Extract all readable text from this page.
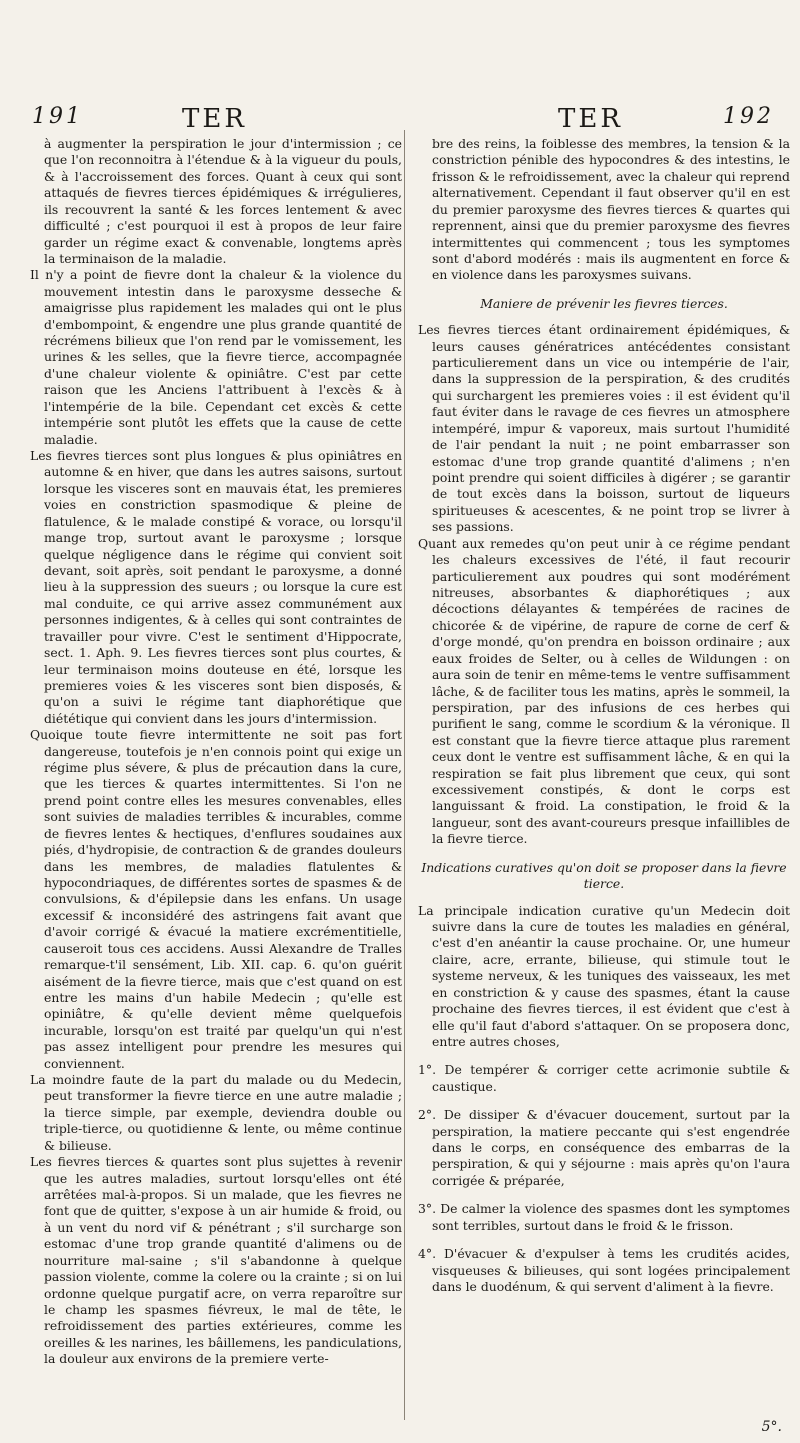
191	TER	TER	192

à augmenter la perspiration le jour d'intermission ; ce que l'on reconnoitra à l'étendue & à la vigueur du pouls, & à l'accroissement des forces. Quant à ceux qui sont attaqués de fievres tierces épidémiques & irrégulieres, ils recouvrent la santé & les forces lentement & avec difficulté ; c'est pourquoi il est à propos de leur faire garder un régime exact & convenable, longtems après la terminaison de la maladie.

Il n'y a point de fievre dont la chaleur & la violence du mouvement intestin dans le paroxysme desseche & amaigrisse plus rapidement les malades qui ont le plus d'embompoint, & engendre une plus grande quantité de récrémens bilieux que l'on rend par le vomissement, les urines & les selles, que la fievre tierce, accompagnée d'une chaleur violente & opiniâtre. C'est par cette raison que les Anciens l'attribuent à l'excès & à l'intempérie de la bile. Cependant cet excès & cette intempérie sont plutôt les effets que la cause de cette maladie.

Les fievres tierces sont plus longues & plus opiniâtres en automne & en hiver, que dans les autres saisons, surtout lorsque les visceres sont en mauvais état, les premieres voies en constriction spasmodique & pleine de flatulence, & le malade constipé & vorace, ou lorsqu'il mange trop, surtout avant le paroxysme ; lorsque quelque négligence dans le régime qui convient soit devant, soit après, soit pendant le paroxysme, a donné lieu à la suppression des sueurs ; ou lorsque la cure est mal conduite, ce qui arrive assez communément aux personnes indigentes, & à celles qui sont contraintes de travailler pour vivre. C'est le sentiment d'Hippocrate, sect. 1. Aph. 9. Les fievres tierces sont plus courtes, & leur terminaison moins douteuse en été, lorsque les premieres voies & les visceres sont bien disposés, & qu'on a suivi le régime tant diaphorétique que diététique qui convient dans les jours d'intermission.

Quoique toute fievre intermittente ne soit pas fort dangereuse, toutefois je n'en connois point qui exige un régime plus sévere, & plus de précaution dans la cure, que les tierces & quartes intermittentes. Si l'on ne prend point contre elles les mesures convenables, elles sont suivies de maladies terribles & incurables, comme de fievres lentes & hectiques, d'enflures soudaines aux piés, d'hydropisie, de contraction & de grandes douleurs dans les membres, de maladies flatulentes & hypocondriaques, de différentes sortes de spasmes & de convulsions, & d'épilepsie dans les enfans. Un usage excessif & inconsidéré des astringens fait avant que d'avoir corrigé & évacué la matiere excrémentitielle, causeroit tous ces accidens. Aussi Alexandre de Tralles remarque-t'il sensément, Lib. XII. cap. 6. qu'on guérit aisément de la fievre tierce, mais que c'est quand on est entre les mains d'un habile Medecin ; qu'elle est opiniâtre, & qu'elle devient même quelquefois incurable, lorsqu'on est traité par quelqu'un qui n'est pas assez intelligent pour prendre les mesures qui conviennent.

La moindre faute de la part du malade ou du Medecin, peut transformer la fievre tierce en une autre maladie ; la tierce simple, par exemple, deviendra double ou triple-tierce, ou quotidienne & lente, ou même continue & bilieuse.

Les fievres tierces & quartes sont plus sujettes à revenir que les autres maladies, surtout lorsqu'elles ont été arrêtées mal-à-propos. Si un malade, que les fievres ne font que de quitter, s'expose à un air humide & froid, ou à un vent du nord vif & pénétrant ; s'il surcharge son estomac d'une trop grande quantité d'alimens ou de nourriture mal-saine ; s'il s'abandonne à quelque passion violente, comme la colere ou la crainte ; si on lui ordonne quelque purgatif acre, on verra reparoître sur le champ les spasmes fiévreux, le mal de tête, le refroidissement des parties extérieures, comme les oreilles & les narines, les bâillemens, les pandiculations, la douleur aux environs de la premiere verte-

bre des reins, la foiblesse des membres, la tension & la constriction pénible des hypocondres & des intestins, le frisson & le refroidissement, avec la chaleur qui reprend alternativement. Cependant il faut observer qu'il en est du premier paroxysme des fievres tierces & quartes qui reprennent, ainsi que du premier paroxysme des fievres intermittentes qui commencent ; tous les symptomes sont d'abord modérés : mais ils augmentent en force & en violence dans les paroxysmes suivans.

Maniere de prévenir les fievres tierces.

Les fievres tierces étant ordinairement épidémiques, & leurs causes génératrices antécédentes consistant particulierement dans un vice ou intempérie de l'air, dans la suppression de la perspiration, & des crudités qui surchargent les premieres voies : il est évident qu'il faut éviter dans le ravage de ces fievres un atmosphere intempéré, impur & vaporeux, mais surtout l'humidité de l'air pendant la nuit ; ne point embarrasser son estomac d'une trop grande quantité d'alimens ; n'en point prendre qui soient difficiles à digérer ; se garantir de tout excès dans la boisson, surtout de liqueurs spiritueuses & acescentes, & ne point trop se livrer à ses passions.

Quant aux remedes qu'on peut unir à ce régime pendant les chaleurs excessives de l'été, il faut recourir particulierement aux poudres qui sont modérément nitreuses, absorbantes & diaphorétiques ; aux décoctions délayantes & tempérées de racines de chicorée & de vipérine, de rapure de corne de cerf & d'orge mondé, qu'on prendra en boisson ordinaire ; aux eaux froides de Selter, ou à celles de Wildungen : on aura soin de tenir en même-tems le ventre suffisamment lâche, & de faciliter tous les matins, après le sommeil, la perspiration, par des infusions de ces herbes qui purifient le sang, comme le scordium & la véronique. Il est constant que la fievre tierce attaque plus rarement ceux dont le ventre est suffisamment lâche, & en qui la respiration se fait plus librement que ceux, qui sont excessivement constipés, & dont le corps est languissant & froid. La constipation, le froid & la langueur, sont des avant-coureurs presque infaillibles de la fievre tierce.

Indications curatives qu'on doit se proposer dans la fievre tierce.

La principale indication curative qu'un Medecin doit suivre dans la cure de toutes les maladies en général, c'est d'en anéantir la cause prochaine. Or, une humeur claire, acre, errante, bilieuse, qui stimule tout le systeme nerveux, & les tuniques des vaisseaux, les met en constriction & y cause des spasmes, étant la cause prochaine des fievres tierces, il est évident que c'est à elle qu'il faut d'abord s'attaquer. On se proposera donc, entre autres choses,

1°. De tempérer & corriger cette acrimonie subtile & caustique.

2°. De dissiper & d'évacuer doucement, surtout par la perspiration, la matiere peccante qui s'est engendrée dans le corps, en conséquence des embarras de la perspiration, & qui y séjourne : mais après qu'on l'aura corrigée & préparée,

3°. De calmer la violence des spasmes dont les symptomes sont terribles, surtout dans le froid & le frisson.

4°. D'évacuer & d'expulser à tems les crudités acides, visqueuses & bilieuses, qui sont logées principalement dans le duodénum, & qui servent d'aliment à la fievre.

5°.
